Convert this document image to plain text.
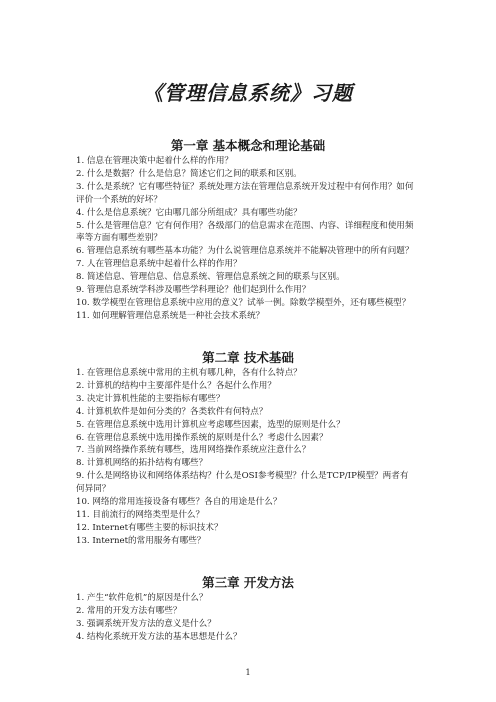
《管理信息系统》习题
第一章 基本概念和理论基础
1. 信息在管理决策中起着什么样的作用？
2. 什么是数据？什么是信息？简述它们之间的联系和区别。
3. 什么是系统？它有哪些特征？系统处理方法在管理信息系统开发过程中有何作用？如何评价一个系统的好坏？
4. 什么是信息系统？它由哪几部分所组成？具有哪些功能？
5. 什么是管理信息？它有何作用？各级部门的信息需求在范围、内容、详细程度和使用频率等方面有哪些差别？
6. 管理信息系统有哪些基本功能？为什么说管理信息系统并不能解决管理中的所有问题？
7. 人在管理信息系统中起着什么样的作用？
8. 简述信息、管理信息、信息系统、管理信息系统之间的联系与区别。
9. 管理信息系统学科涉及哪些学科理论？他们起到什么作用？
10. 数学模型在管理信息系统中应用的意义？试举一例。除数学模型外，还有哪些模型？
11. 如何理解管理信息系统是一种社会技术系统？
第二章 技术基础
1. 在管理信息系统中常用的主机有哪几种，各有什么特点？
2. 计算机的结构中主要部件是什么？各起什么作用？
3. 决定计算机性能的主要指标有哪些？
4. 计算机软件是如何分类的？各类软件有何特点？
5. 在管理信息系统中选用计算机应考虑哪些因素，选型的原则是什么？
6. 在管理信息系统中选用操作系统的原则是什么？考虑什么因素？
7. 当前网络操作系统有哪些，选用网络操作系统应注意什么？
8. 计算机网络的拓扑结构有哪些？
9. 什么是网络协议和网络体系结构？什么是OSI参考模型？什么是TCP/IP模型？两者有何异同？
10. 网络的常用连接设备有哪些？各自的用途是什么？
11. 目前流行的网络类型是什么？
12. Internet有哪些主要的标识技术？
13. Internet的常用服务有哪些？
第三章 开发方法
1. 产生“软件危机”的原因是什么？
2. 常用的开发方法有哪些？
3. 强调系统开发方法的意义是什么？
4. 结构化系统开发方法的基本思想是什么？
1
